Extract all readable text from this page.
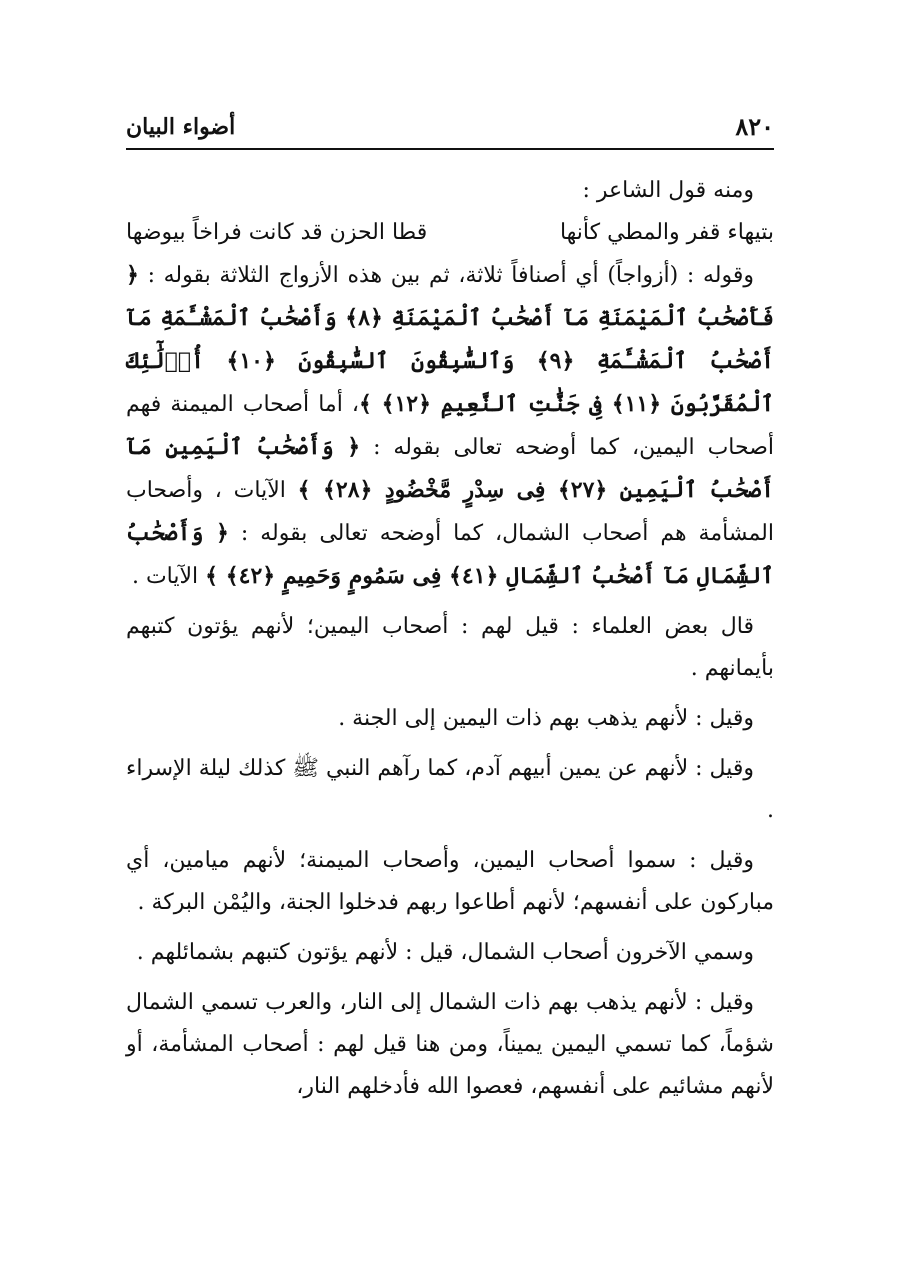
٨٢٠
أضواء البيان

ومنه قول الشاعر :

بتيهاء قفر والمطي كأنها
قطا الحزن قد كانت فراخاً بيوضها

وقوله : (أزواجاً) أي أصنافاً ثلاثة، ثم بين هذه الأزواج الثلاثة بقوله : ﴿ فَأَصْحَٰبُ ٱلْمَيْمَنَةِ مَآ أَصْحَٰبُ ٱلْمَيْمَنَةِ ﴿٨﴾ وَأَصْحَٰبُ ٱلْمَشْـَٔمَةِ مَآ أَصْحَٰبُ ٱلْمَشْـَٔمَةِ ﴿٩﴾ وَٱلسَّٰبِقُونَ ٱلسَّٰبِقُونَ ﴿١٠﴾ أُو۟لَٰٓئِكَ ٱلْمُقَرَّبُونَ ﴿١١﴾ فِى جَنَّٰتِ ٱلنَّعِيمِ ﴿١٢﴾ ﴾، أما أصحاب الميمنة فهم أصحاب اليمين، كما أوضحه تعالى بقوله : ﴿ وَأَصْحَٰبُ ٱلْيَمِينِ مَآ أَصْحَٰبُ ٱلْيَمِينِ ﴿٢٧﴾ فِى سِدْرٍ مَّخْضُودٍ ﴿٢٨﴾ ﴾ الآيات ، وأصحاب المشأمة هم أصحاب الشمال، كما أوضحه تعالى بقوله : ﴿ وَأَصْحَٰبُ ٱلشِّمَالِ مَآ أَصْحَٰبُ ٱلشِّمَالِ ﴿٤١﴾ فِى سَمُومٍ وَحَمِيمٍ ﴿٤٢﴾ ﴾ الآيات .

قال بعض العلماء : قيل لهم : أصحاب اليمين؛ لأنهم يؤتون كتبهم بأيمانهم .

وقيل : لأنهم يذهب بهم ذات اليمين إلى الجنة .

وقيل : لأنهم عن يمين أبيهم آدم، كما رآهم النبي ﷺ كذلك ليلة الإسراء .

وقيل : سموا أصحاب اليمين، وأصحاب الميمنة؛ لأنهم ميامين، أي مباركون على أنفسهم؛ لأنهم أطاعوا ربهم فدخلوا الجنة، واليُمْن البركة .

وسمي الآخرون أصحاب الشمال، قيل : لأنهم يؤتون كتبهم بشمائلهم .

وقيل : لأنهم يذهب بهم ذات الشمال إلى النار، والعرب تسمي الشمال شؤماً، كما تسمي اليمين يميناً، ومن هنا قيل لهم : أصحاب المشأمة، أو لأنهم مشائيم على أنفسهم، فعصوا الله فأدخلهم النار،
